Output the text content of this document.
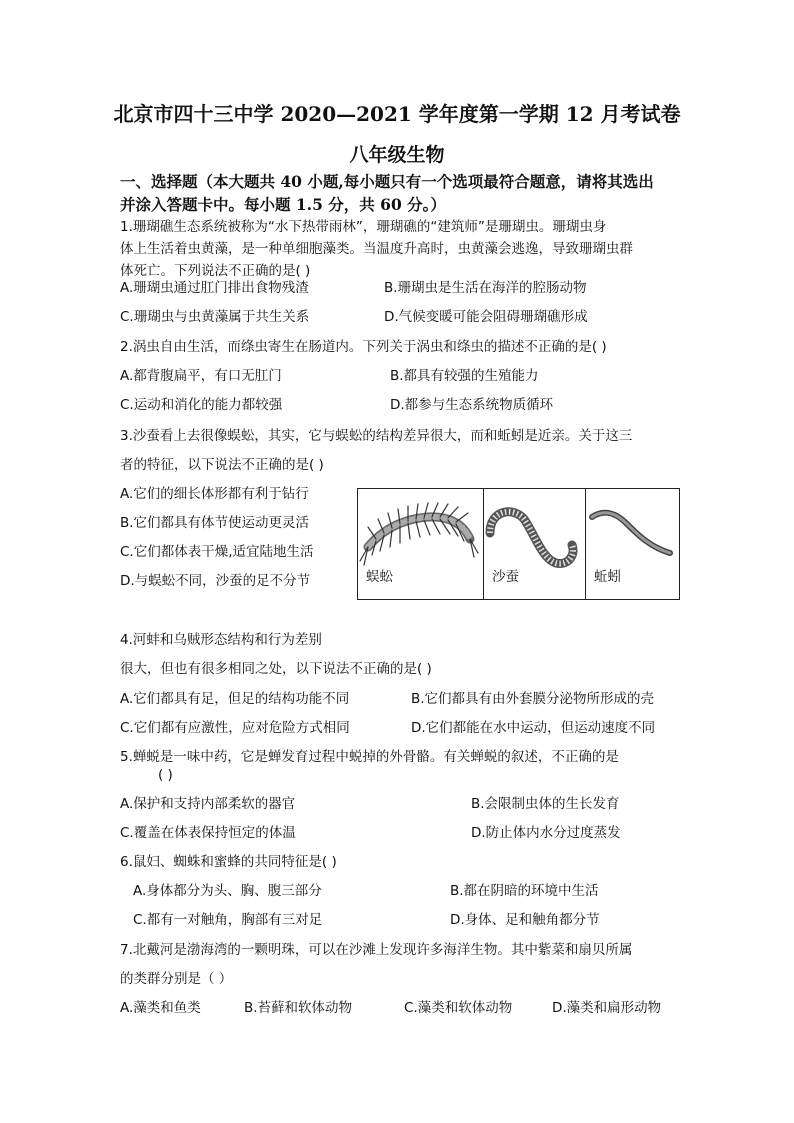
北京市四十三中学 2020—2021 学年度第一学期 12 月考试卷
八年级生物
一、选择题（本大题共 40 小题,每小题只有一个选项最符合题意，请将其选出
并涂入答题卡中。每小题 1.5 分，共 60 分。）
1.珊瑚礁生态系统被称为“水下热带雨林”，珊瑚礁的“建筑师”是珊瑚虫。珊瑚虫身
体上生活着虫黄藻，是一种单细胞藻类。当温度升高时，虫黄藻会逃逸，导致珊瑚虫群
体死亡。下列说法不正确的是( )
A.珊瑚虫通过肛门排出食物残渣	B.珊瑚虫是生活在海洋的腔肠动物
C.珊瑚虫与虫黄藻属于共生关系	D.气候变暖可能会阻碍珊瑚礁形成
2.涡虫自由生活，而绦虫寄生在肠道内。下列关于涡虫和绦虫的描述不正确的是( )
A.都背腹扁平，有口无肛门	B.都具有较强的生殖能力
C.运动和消化的能力都较强	D.都参与生态系统物质循环
3.沙蚕看上去很像蜈蚣，其实，它与蜈蚣的结构差异很大，而和蚯蚓是近亲。关于这三
者的特征，以下说法不正确的是( )
A.它们的细长体形都有利于钻行
B.它们都具有体节使运动更灵活
C.它们都体表干燥,适宜陆地生活
D.与蜈蚣不同，沙蚕的足不分节	蜈蚣	沙蚕	蚯蚓
4.河蚌和乌贼形态结构和行为差别
很大，但也有很多相同之处，以下说法不正确的是( )
A.它们都具有足，但足的结构功能不同	B.它们都具有由外套膜分泌物所形成的壳
C.它们都有应激性，应对危险方式相同	D.它们都能在水中运动，但运动速度不同
5.蝉蜕是一味中药，它是蝉发育过程中蜕掉的外骨骼。有关蝉蜕的叙述，不正确的是
( )
A.保护和支持内部柔软的器官	B.会限制虫体的生长发育
C.覆盖在体表保持恒定的体温	D.防止体内水分过度蒸发
6.鼠妇、蜘蛛和蜜蜂的共同特征是( )
A.身体都分为头、胸、腹三部分	B.都在阴暗的环境中生活
C.都有一对触角，胸部有三对足	D.身体、足和触角都分节
7.北戴河是渤海湾的一颗明珠，可以在沙滩上发现许多海洋生物。其中紫菜和扇贝所属
的类群分别是（ ）
A.藻类和鱼类	B.苔藓和软体动物	C.藻类和软体动物	D.藻类和扁形动物
